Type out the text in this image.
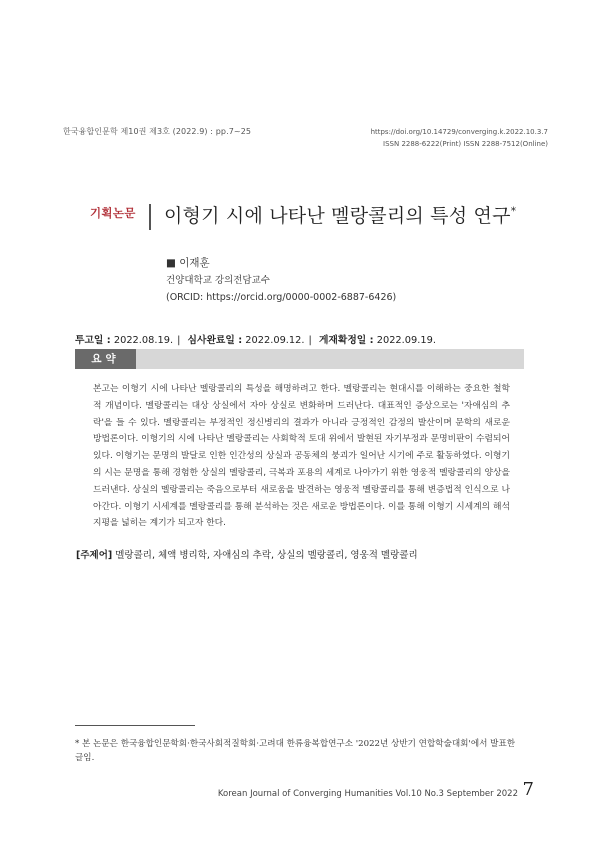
한국융합인문학 제10권 제3호 (2022.9) : pp.7~25	https://doi.org/10.14729/converging.k.2022.10.3.7
ISSN 2288-6222(Print) ISSN 2288-7512(Online)
기획논문 이형기 시에 나타난 멜랑콜리의 특성 연구*
■ 이재훈
건양대학교 강의전담교수
(ORCID: https://orcid.org/0000-0002-6887-6426)
투고일 : 2022.08.19. | 심사완료일 : 2022.09.12. | 게재확정일 : 2022.09.19.
요약
본고는 이형기 시에 나타난 멜랑콜리의 특성을 해명하려고 한다. 멜랑콜리는 현대시를 이해하는 중요한 철학적 개념이다. 멜랑콜리는 대상 상실에서 자아 상실로 변화하며 드러난다. 대표적인 증상으로는 '자애심의 추락'을 들 수 있다. 멜랑콜리는 부정적인 정신병리의 결과가 아니라 긍정적인 감정의 발산이며 문학의 새로운 방법론이다. 이형기의 시에 나타난 멜랑콜리는 사회학적 토대 위에서 발현된 자기부정과 문명비판이 수렴되어 있다. 이형기는 문명의 발달로 인한 인간성의 상실과 공동체의 붕괴가 일어난 시기에 주로 활동하였다. 이형기의 시는 문명을 통해 경험한 상실의 멜랑콜리, 극복과 포용의 세계로 나아가기 위한 영웅적 멜랑콜리의 양상을 드러낸다. 상실의 멜랑콜리는 죽음으로부터 새로움을 발견하는 영웅적 멜랑콜리를 통해 변증법적 인식으로 나아간다. 이형기 시세계를 멜랑콜리를 통해 분석하는 것은 새로운 방법론이다. 이를 통해 이형기 시세계의 해석 지평을 넓히는 계기가 되고자 한다.
[주제어] 멜랑콜리, 체액 병리학, 자애심의 추락, 상실의 멜랑콜리, 영웅적 멜랑콜리
* 본 논문은 한국융합인문학회·한국사회적질학회·고려대 한류융복합연구소 '2022년 상반기 연합학술대회'에서 발표한 글임.
Korean Journal of Converging Humanities Vol.10 No.3 September 2022 7
